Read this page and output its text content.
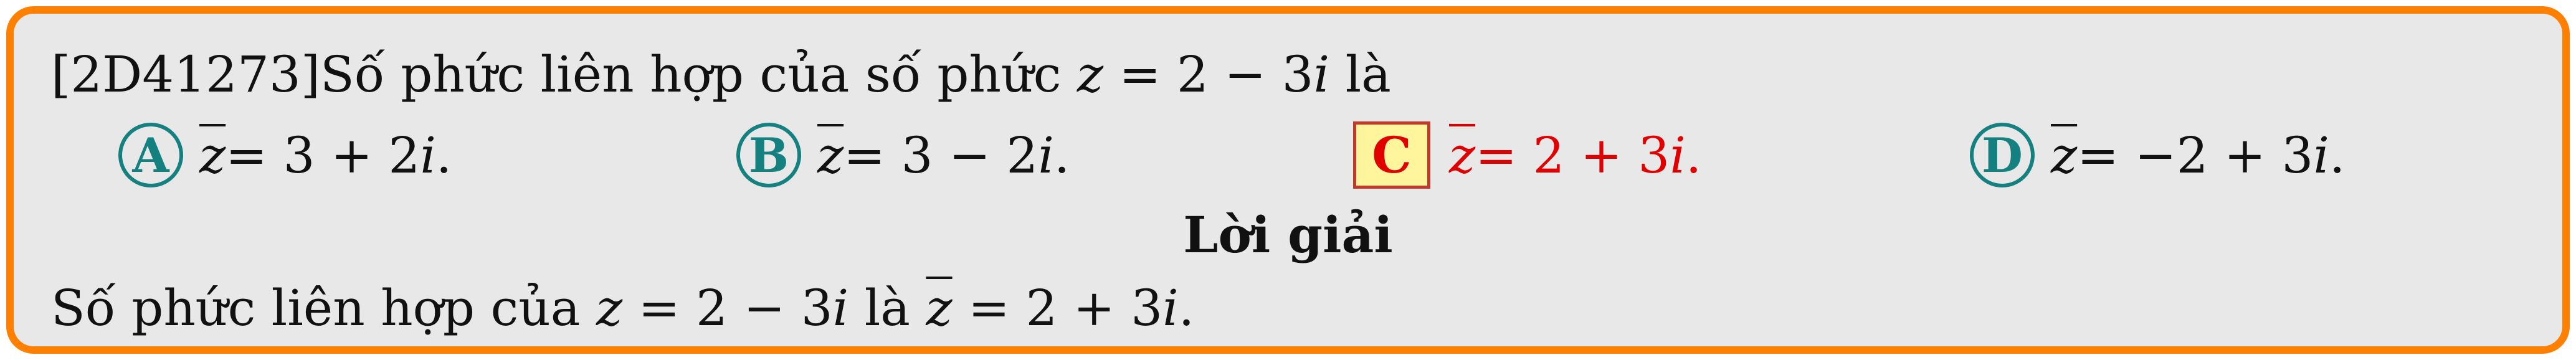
[2D41273]Số phức liên hợp của số phức z = 2 − 3i là
A $\overline{z} = 3 + 2$ i .	B $\overline{z} = 3 - 2$ i .	C $\overline{z} = 2 + 3$ i .	D $\overline{z} = -2 + 3$ i .
Lời giải
Số phức liên hợp của z = 2 − 3i là $\overline{z} = 2 + 3i$.
